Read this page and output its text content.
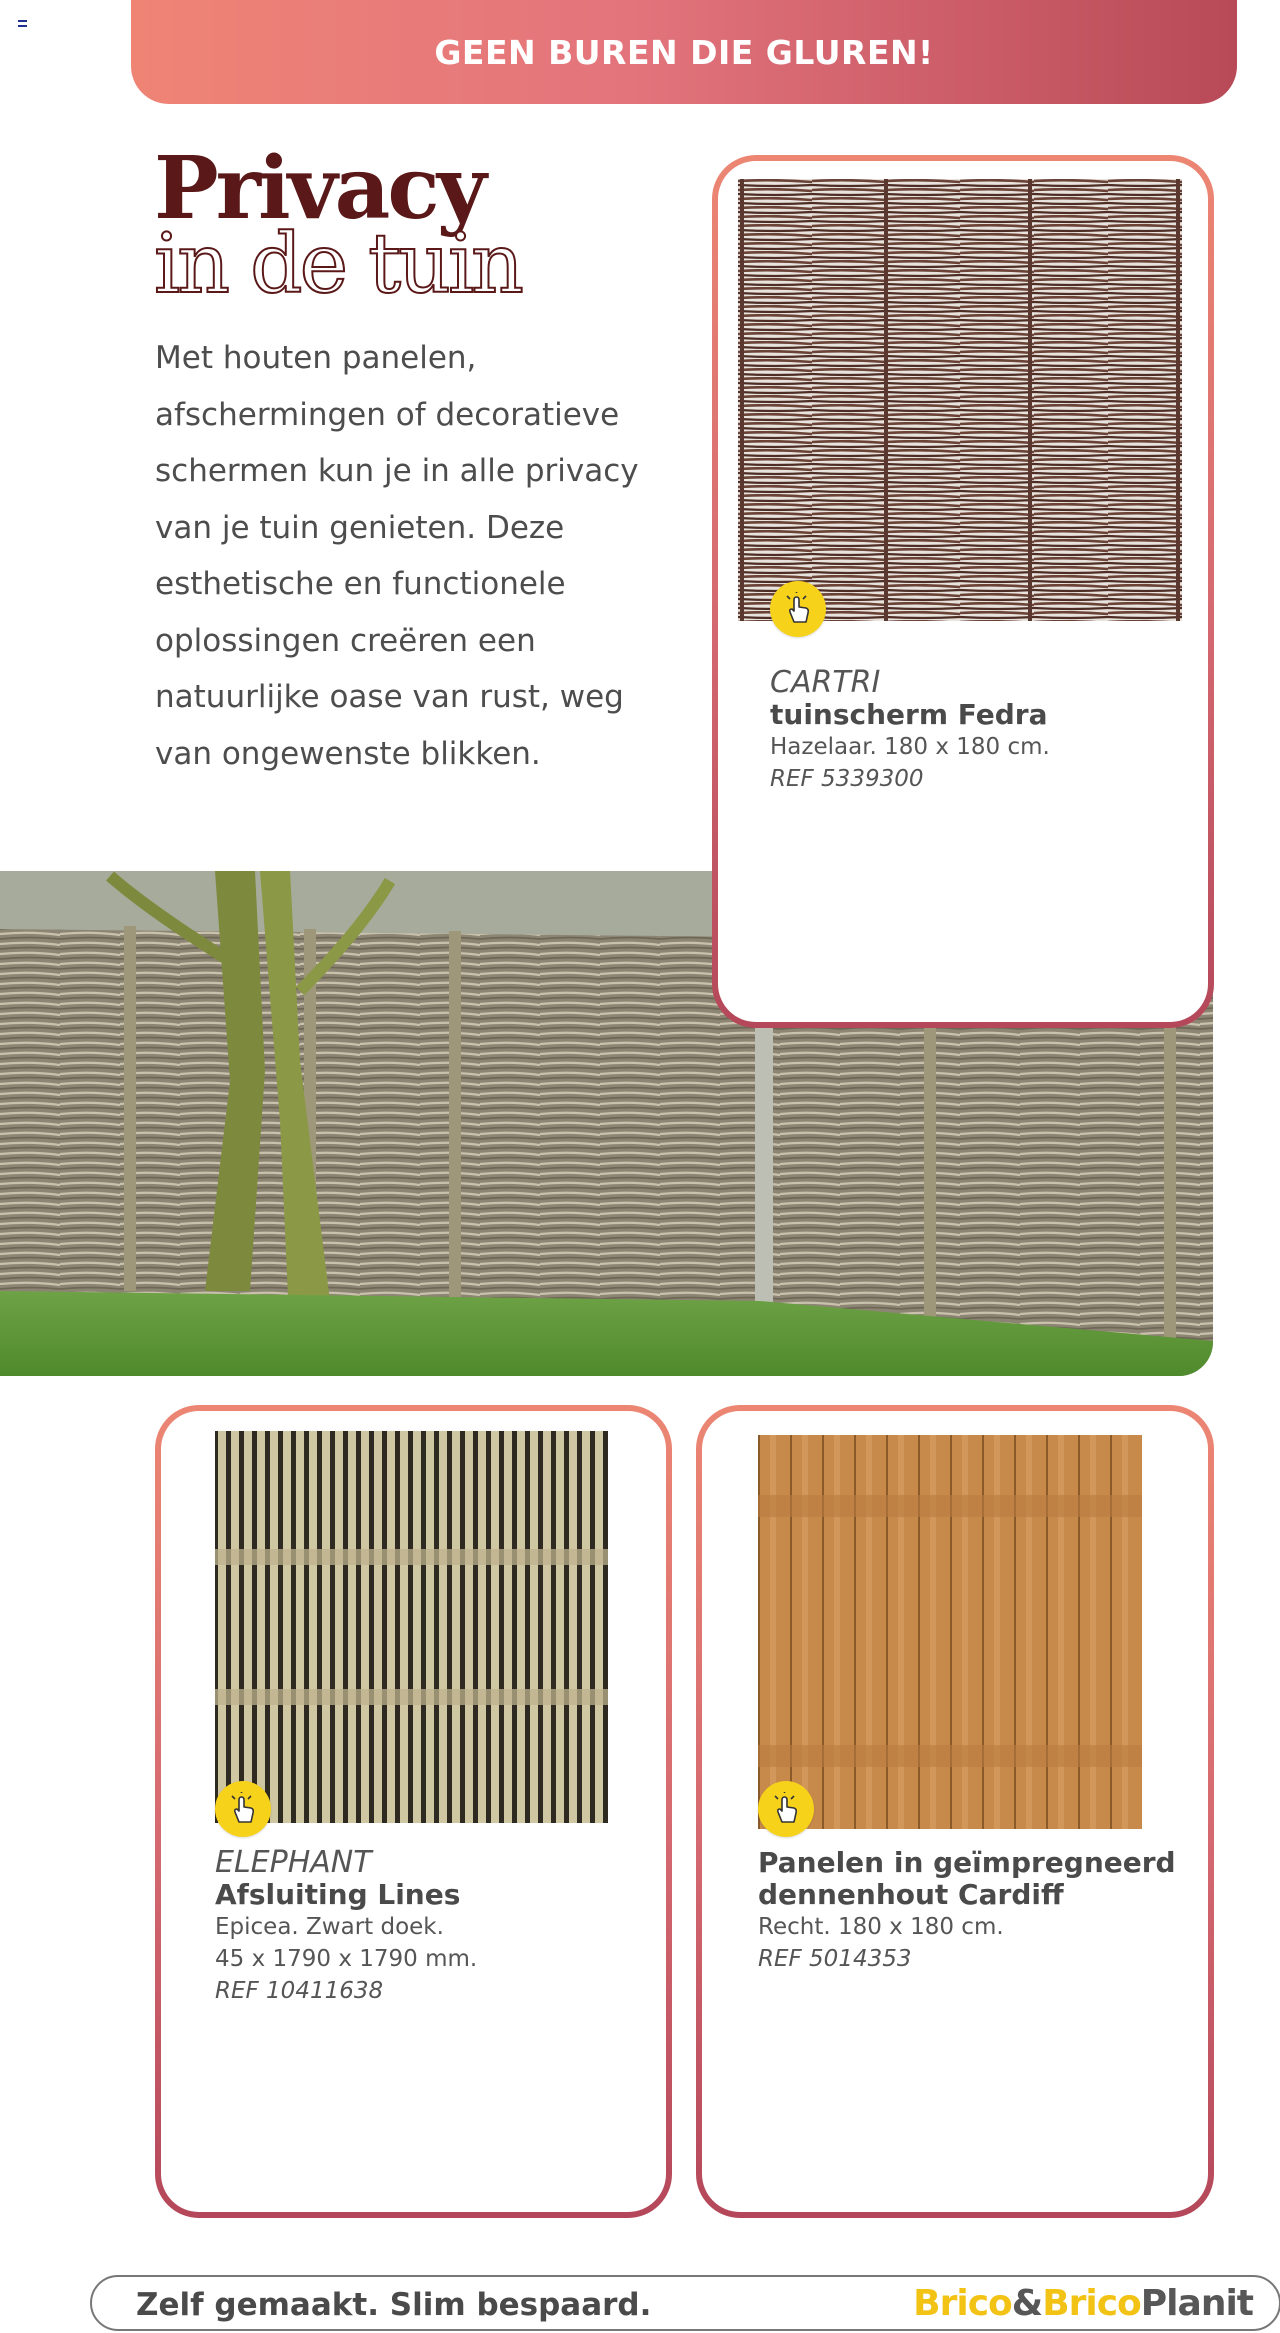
GEEN BUREN DIE GLUREN!
Privacy
in de tuin

Met houten panelen, afschermingen of decoratieve schermen kun je in alle privacy van je tuin genieten. Deze esthetische en functionele oplossingen creëren een natuurlijke oase van rust, weg van ongewenste blikken.

CARTRI
tuinscherm Fedra
Hazelaar. 180 x 180 cm.
REF 5339300
ELEPHANT
Afsluiting Lines
Epicea. Zwart doek.
45 x 1790 x 1790 mm.
REF 10411638
Panelen in geïmpregneerd
dennenhout Cardiff
Recht. 180 x 180 cm.
REF 5014353
Zelf gemaakt. Slim bespaard.	Brico&BricoPlanit
